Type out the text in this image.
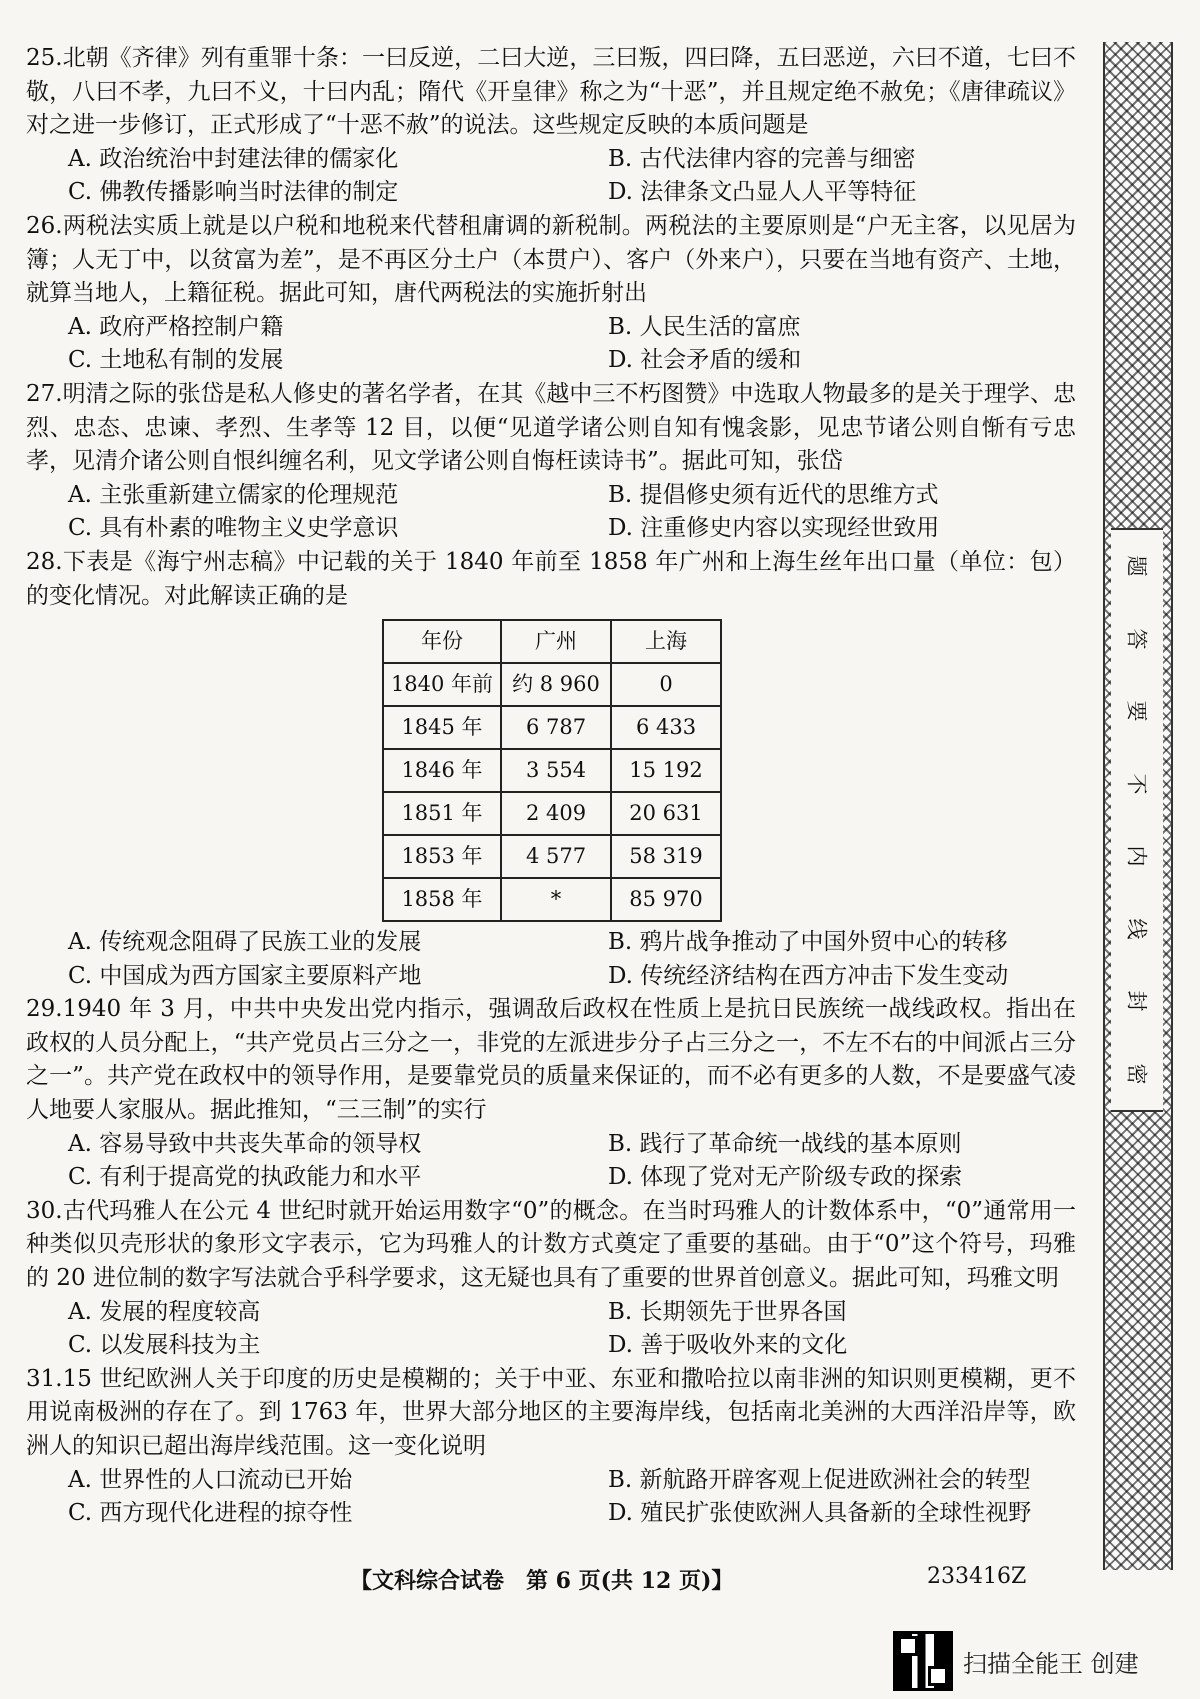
25.北朝《齐律》列有重罪十条：一曰反逆，二曰大逆，三曰叛，四曰降，五曰恶逆，六曰不道，七曰不敬，八曰不孝，九曰不义，十曰内乱；隋代《开皇律》称之为“十恶”，并且规定绝不赦免；《唐律疏议》对之进一步修订，正式形成了“十恶不赦”的说法。这些规定反映的本质问题是

A. 政治统治中封建法律的儒家化	B. 古代法律内容的完善与细密
C. 佛教传播影响当时法律的制定	D. 法律条文凸显人人平等特征

26.两税法实质上就是以户税和地税来代替租庸调的新税制。两税法的主要原则是“户无主客，以见居为簿；人无丁中，以贫富为差”，是不再区分土户（本贯户）、客户（外来户），只要在当地有资产、土地，就算当地人，上籍征税。据此可知，唐代两税法的实施折射出

A. 政府严格控制户籍	B. 人民生活的富庶
C. 土地私有制的发展	D. 社会矛盾的缓和

27.明清之际的张岱是私人修史的著名学者，在其《越中三不朽图赞》中选取人物最多的是关于理学、忠烈、忠态、忠谏、孝烈、生孝等 12 目，以便“见道学诸公则自知有愧衾影，见忠节诸公则自惭有亏忠孝，见清介诸公则自恨纠缠名利，见文学诸公则自悔枉读诗书”。据此可知，张岱

A. 主张重新建立儒家的伦理规范	B. 提倡修史须有近代的思维方式
C. 具有朴素的唯物主义史学意识	D. 注重修史内容以实现经世致用

28.下表是《海宁州志稿》中记载的关于 1840 年前至 1858 年广州和上海生丝年出口量（单位：包）的变化情况。对此解读正确的是

年份	广州	上海
1840 年前	约 8 960	0
1845 年	6 787	6 433
1846 年	3 554	15 192
1851 年	2 409	20 631
1853 年	4 577	58 319
1858 年	*	85 970
A. 传统观念阻碍了民族工业的发展	B. 鸦片战争推动了中国外贸中心的转移
C. 中国成为西方国家主要原料产地	D. 传统经济结构在西方冲击下发生变动

29.1940 年 3 月，中共中央发出党内指示，强调敌后政权在性质上是抗日民族统一战线政权。指出在政权的人员分配上，“共产党员占三分之一，非党的左派进步分子占三分之一，不左不右的中间派占三分之一”。共产党在政权中的领导作用，是要靠党员的质量来保证的，而不必有更多的人数，不是要盛气凌人地要人家服从。据此推知，“三三制”的实行

A. 容易导致中共丧失革命的领导权	B. 践行了革命统一战线的基本原则
C. 有利于提高党的执政能力和水平	D. 体现了党对无产阶级专政的探索

30.古代玛雅人在公元 4 世纪时就开始运用数字“0”的概念。在当时玛雅人的计数体系中，“0”通常用一种类似贝壳形状的象形文字表示，它为玛雅人的计数方式奠定了重要的基础。由于“0”这个符号，玛雅的 20 进位制的数字写法就合乎科学要求，这无疑也具有了重要的世界首创意义。据此可知，玛雅文明

A. 发展的程度较高	B. 长期领先于世界各国
C. 以发展科技为主	D. 善于吸收外来的文化

31.15 世纪欧洲人关于印度的历史是模糊的；关于中亚、东亚和撒哈拉以南非洲的知识则更模糊，更不用说南极洲的存在了。到 1763 年，世界大部分地区的主要海岸线，包括南北美洲的大西洋沿岸等，欧洲人的知识已超出海岸线范围。这一变化说明

A. 世界性的人口流动已开始	B. 新航路开辟客观上促进欧洲社会的转型
C. 西方现代化进程的掠夺性	D. 殖民扩张使欧洲人具备新的全球性视野
题
答
要
不
内
线
封
密
【文科综合试卷　第 6 页(共 12 页)】	233416Z
扫描全能王 创建
